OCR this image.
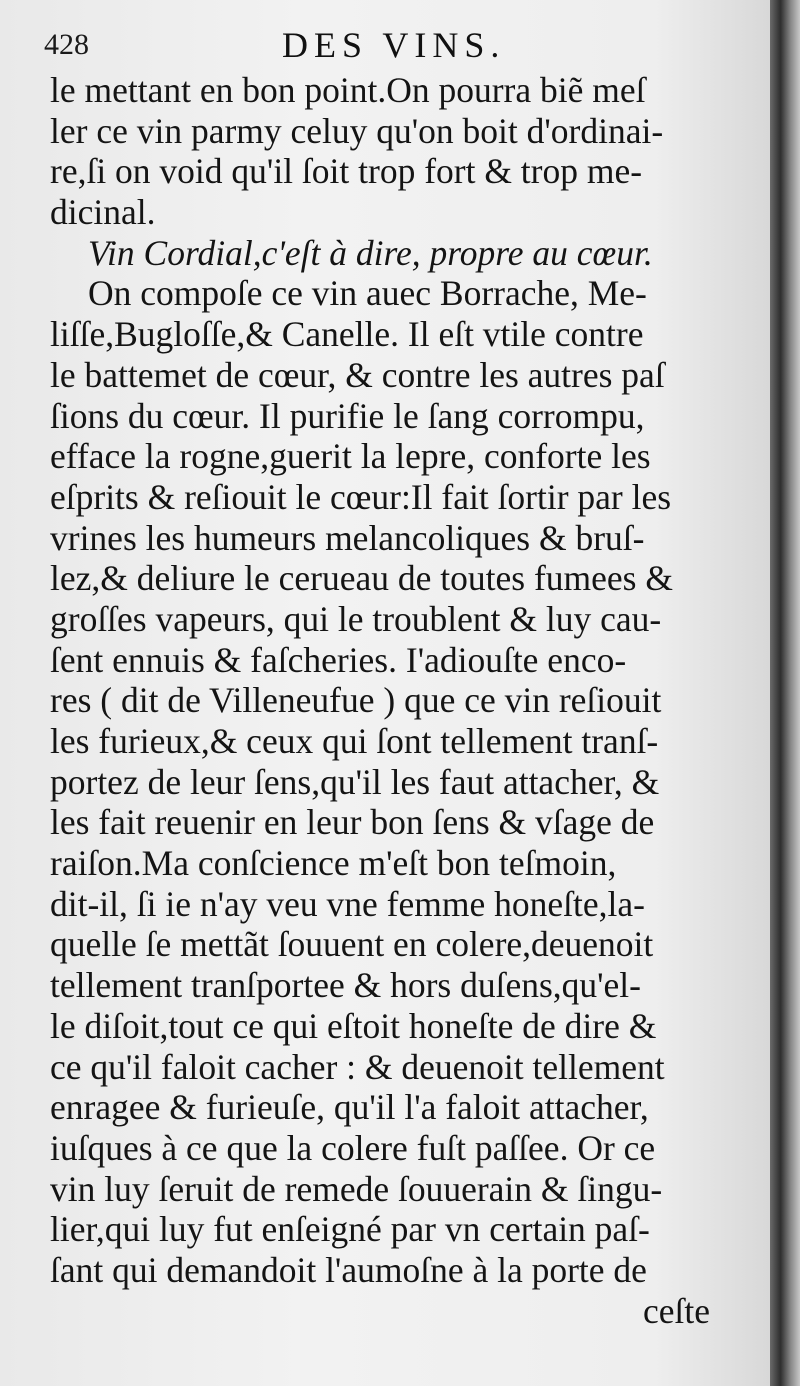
428	DES VINS.
le mettant en bon point.On pourra biẽ meſ
ler ce vin parmy celuy qu'on boit d'ordinai-
re,ſi on void qu'il ſoit trop fort & trop me-
dicinal.
Vin Cordial,c'eſt à dire, propre au cœur.
On compoſe ce vin auec Borrache, Me-
liſſe,Bugloſſe,& Canelle. Il eſt vtile contre
le battemet de cœur, & contre les autres paſ
ſions du cœur. Il purifie le ſang corrompu,
efface la rogne,guerit la lepre, conforte les
eſprits & reſiouit le cœur:Il fait ſortir par les
vrines les humeurs melancoliques & bruſ-
lez,& deliure le cerueau de toutes fumees &
groſſes vapeurs, qui le troublent & luy cau-
ſent ennuis & faſcheries. I'adiouſte enco-
res ( dit de Villeneufue ) que ce vin reſiouit
les furieux,& ceux qui ſont tellement tranſ-
portez de leur ſens,qu'il les faut attacher, &
les fait reuenir en leur bon ſens & vſage de
raiſon.Ma conſcience m'eſt bon teſmoin,
dit-il, ſi ie n'ay veu vne femme honeſte,la-
quelle ſe mettãt ſouuent en colere,deuenoit
tellement tranſportee & hors duſens,qu'el-
le diſoit,tout ce qui eſtoit honeſte de dire &
ce qu'il faloit cacher : & deuenoit tellement
enragee & furieuſe, qu'il l'a faloit attacher,
iuſques à ce que la colere fuſt paſſee. Or ce
vin luy ſeruit de remede ſouuerain & ſingu-
lier,qui luy fut enſeigné par vn certain paſ-
ſant qui demandoit l'aumoſne à la porte de
ceſte
